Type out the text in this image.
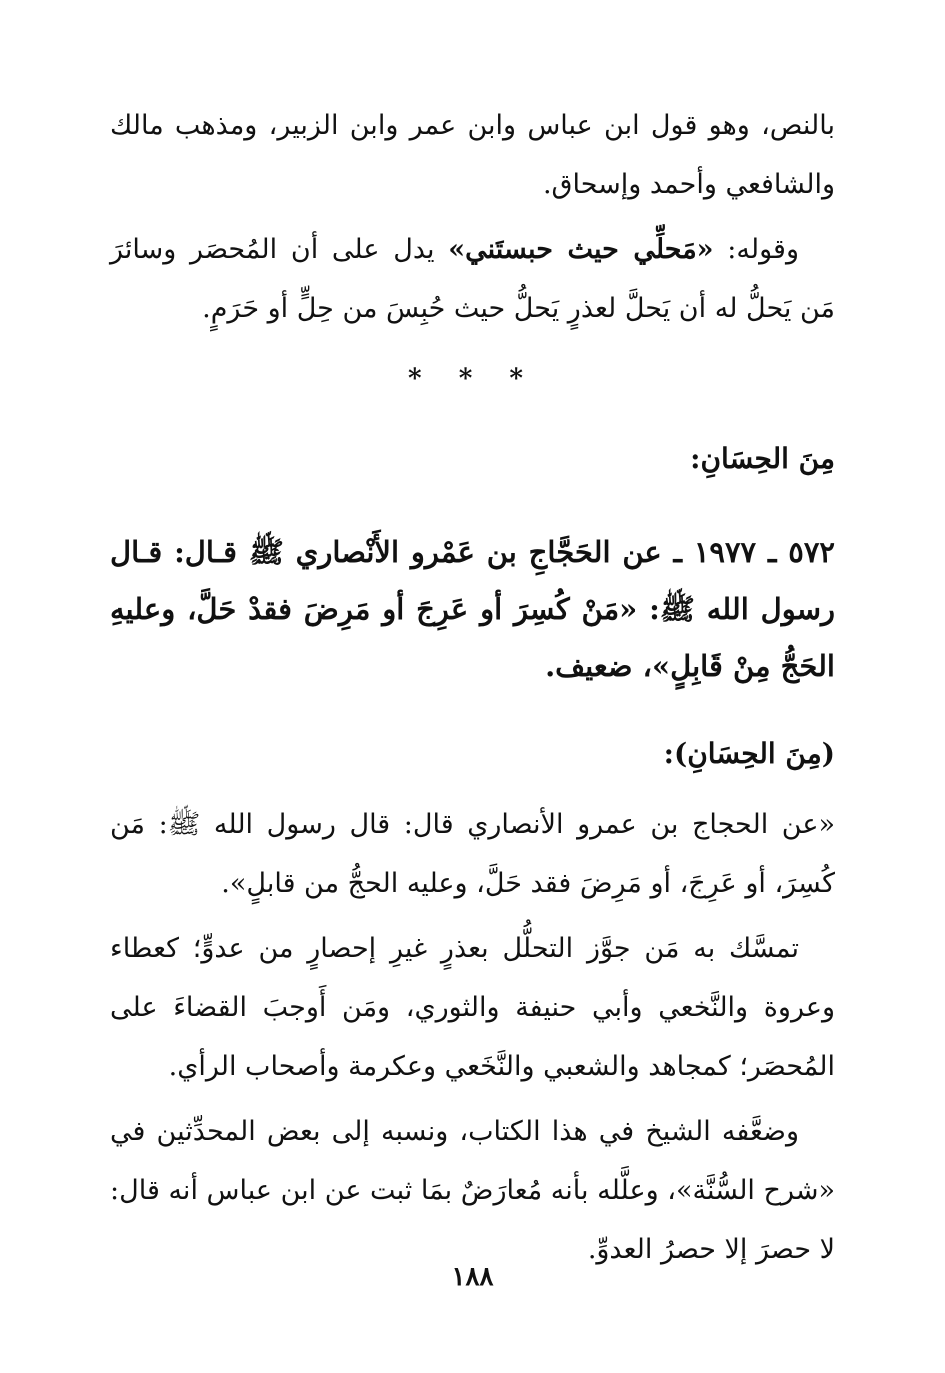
بالنص، وهو قول ابن عباس وابن عمر وابن الزبير، ومذهب مالك والشافعي وأحمد وإسحاق.

وقوله: «مَحلِّي حيث حبستَني» يدل على أن المُحصَر وسائرَ مَن يَحلُّ له أن يَحلَّ لعذرٍ يَحلُّ حيث حُبِسَ من حِلٍّ أو حَرَمٍ.

* * *
مِنَ الحِسَانِ:

٥٧٢ ـ ١٩٧٧ ـ عن الحَجَّاجِ بن عَمْرو الأَنْصاري ﷺ قـال: قـال رسول الله ﷺ: «مَنْ كُسِرَ أو عَرِجَ أو مَرِضَ فقدْ حَلَّ، وعليهِ الحَجُّ مِنْ قَابِلٍ»، ضعيف.

(مِنَ الحِسَانِ):

«عن الحجاج بن عمرو الأنصاري قال: قال رسول الله ﷺ: مَن كُسِرَ، أو عَرِجَ، أو مَرِضَ فقد حَلَّ، وعليه الحجُّ من قابلٍ».

تمسَّك به مَن جوَّز التحلُّل بعذرٍ غيرِ إحصارٍ من عدوٍّ؛ كعطاء وعروة والنَّخعي وأبي حنيفة والثوري، ومَن أَوجبَ القضاءَ على المُحصَر؛ كمجاهد والشعبي والنَّخَعي وعكرمة وأصحاب الرأي.

وضعَّفه الشيخ في هذا الكتاب، ونسبه إلى بعض المحدِّثين في «شرح السُّنَّة»، وعلَّله بأنه مُعارَضٌ بمَا ثبت عن ابن عباس أنه قال: لا حصرَ إلا حصرُ العدوِّ.

١٨٨
